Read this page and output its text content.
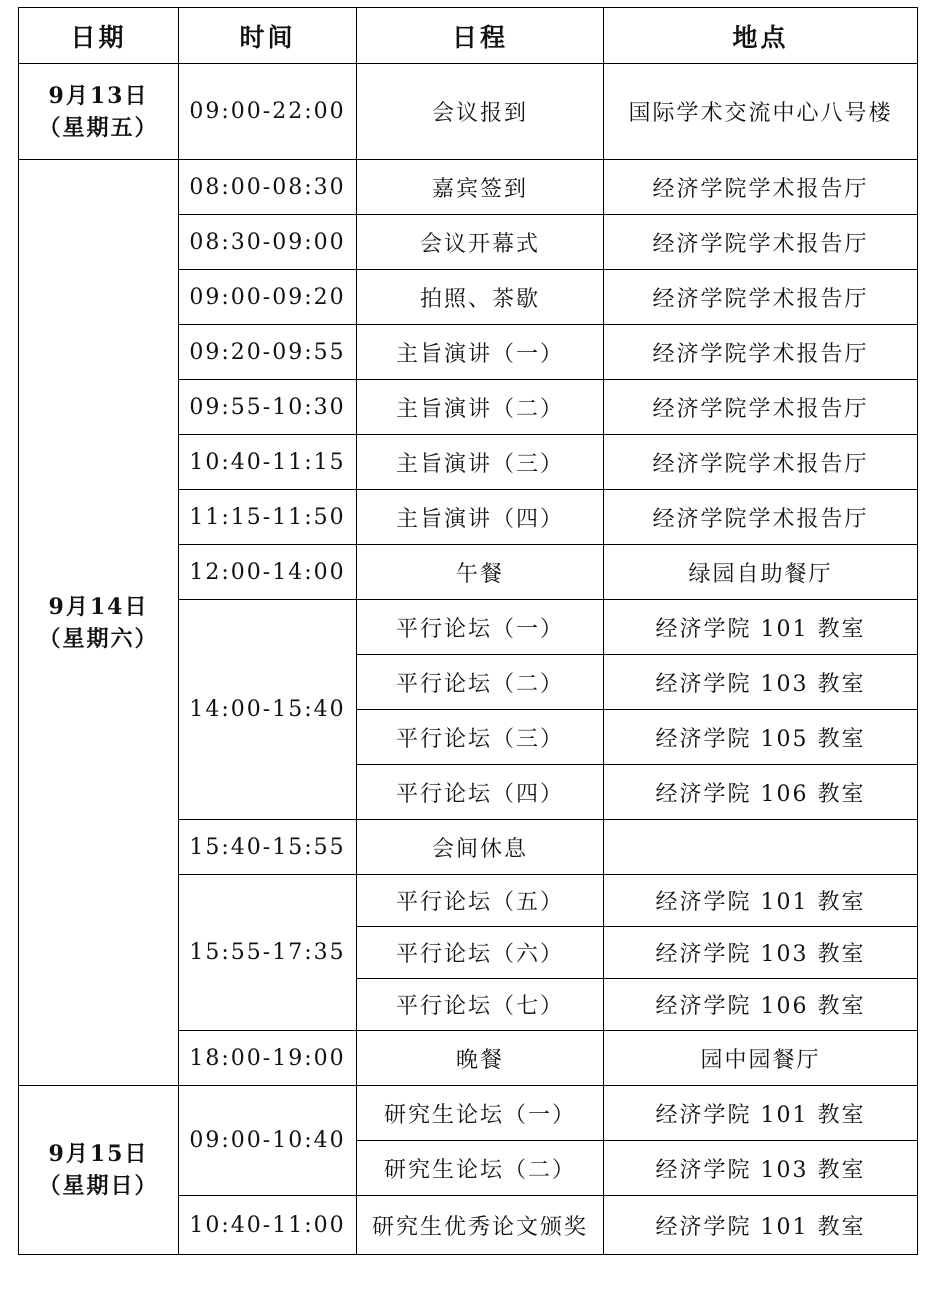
日期	时间	日程	地点

9月13日
（星期五）	09:00-22:00	会议报到	国际学术交流中心八号楼

9月14日
（星期六）	08:00-08:30	嘉宾签到	经济学院学术报告厅
	08:30-09:00	会议开幕式	经济学院学术报告厅
	09:00-09:20	拍照、茶歇	经济学院学术报告厅
	09:20-09:55	主旨演讲（一）	经济学院学术报告厅
	09:55-10:30	主旨演讲（二）	经济学院学术报告厅
	10:40-11:15	主旨演讲（三）	经济学院学术报告厅
	11:15-11:50	主旨演讲（四）	经济学院学术报告厅
	12:00-14:00	午餐	绿园自助餐厅
	14:00-15:40	平行论坛（一）	经济学院 101 教室
		平行论坛（二）	经济学院 103 教室
		平行论坛（三）	经济学院 105 教室
		平行论坛（四）	经济学院 106 教室
	15:40-15:55	会间休息	
	15:55-17:35	平行论坛（五）	经济学院 101 教室
		平行论坛（六）	经济学院 103 教室
		平行论坛（七）	经济学院 106 教室
	18:00-19:00	晚餐	园中园餐厅

9月15日
（星期日）	09:00-10:40	研究生论坛（一）	经济学院 101 教室
		研究生论坛（二）	经济学院 103 教室
	10:40-11:00	研究生优秀论文颁奖	经济学院 101 教室
